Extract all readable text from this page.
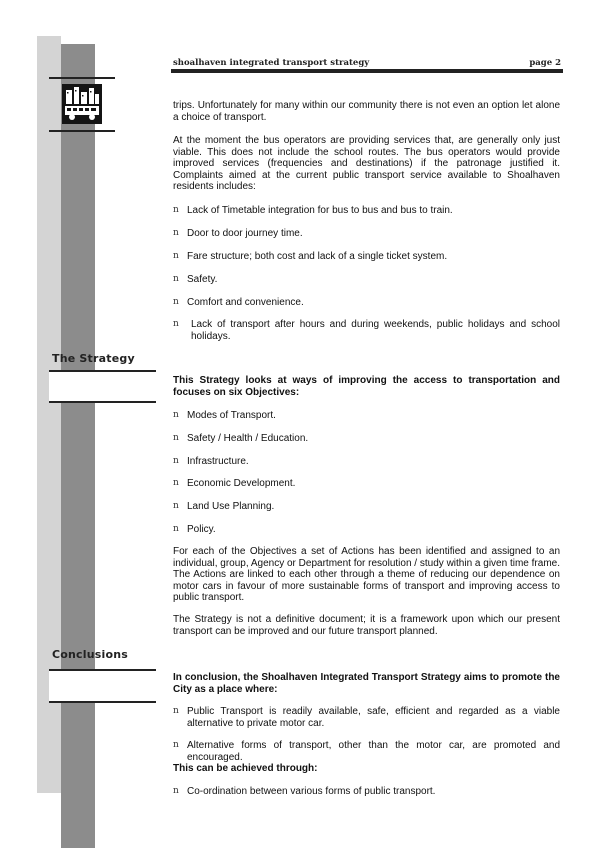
shoalhaven integrated transport strategy	page 2
trips. Unfortunately for many within our community there is not even an option let alone a choice of transport.
At the moment the bus operators are providing services that, are generally only just viable. This does not include the school routes. The bus operators would provide improved services (frequencies and destinations) if the patronage justified it. Complaints aimed at the current public transport service available to Shoalhaven residents includes:
n Lack of Timetable integration for bus to bus and bus to train.
n Door to door journey time.
n Fare structure; both cost and lack of a single ticket system.
n Safety.
n Comfort and convenience.
n	Lack of transport after hours and during weekends, public holidays and school holidays.
The Strategy
This Strategy looks at ways of improving the access to transportation and focuses on six Objectives:
n Modes of Transport.
n Safety / Health / Education.
n Infrastructure.
n Economic Development.
n Land Use Planning.
n Policy.
For each of the Objectives a set of Actions has been identified and assigned to an individual, group, Agency or Department for resolution / study within a given time frame. The Actions are linked to each other through a theme of reducing our dependence on motor cars in favour of more sustainable forms of transport and improving access to public transport.
The Strategy is not a definitive document; it is a framework upon which our present transport can be improved and our future transport planned.
Conclusions
In conclusion, the Shoalhaven Integrated Transport Strategy aims to promote the City as a place where:
n Public Transport is readily available, safe, efficient and regarded as a viable alternative to private motor car.
n Alternative forms of transport, other than the motor car, are promoted and encouraged.
This can be achieved through:
n Co-ordination between various forms of public transport.
